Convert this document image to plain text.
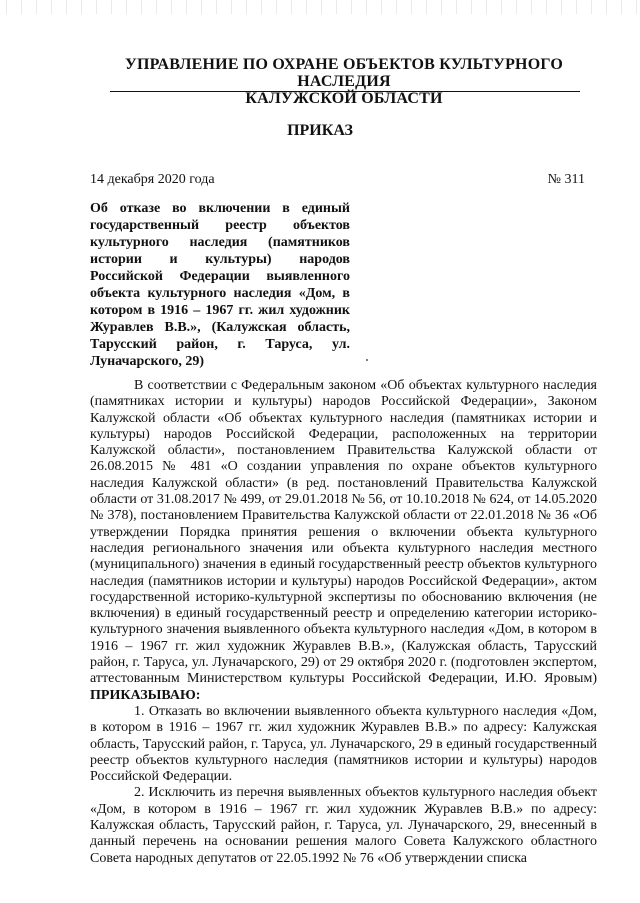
УПРАВЛЕНИЕ ПО ОХРАНЕ ОБЪЕКТОВ КУЛЬТУРНОГО НАСЛЕДИЯ
КАЛУЖСКОЙ ОБЛАСТИ
ПРИКАЗ
14 декабря 2020 года	№ 311
Об отказе во включении в единый государственный реестр объектов культурного наследия (памятников истории и культуры) народов Российской Федерации выявленного объекта культурного наследия «Дом, в котором в 1916 – 1967 гг. жил художник Журавлев В.В.», (Калужская область, Тарусский район, г. Таруса, ул. Луначарского, 29)

В соответствии с Федеральным законом «Об объектах культурного наследия (памятниках истории и культуры) народов Российской Федерации», Законом Калужской области «Об объектах культурного наследия (памятниках истории и культуры) народов Российской Федерации, расположенных на территории Калужской области», постановлением Правительства Калужской области от 26.08.2015 № 481 «О создании управления по охране объектов культурного наследия Калужской области» (в ред. постановлений Правительства Калужской области от 31.08.2017 № 499, от 29.01.2018 № 56, от 10.10.2018 № 624, от 14.05.2020 № 378), постановлением Правительства Калужской области от 22.01.2018 № 36 «Об утверждении Порядка принятия решения о включении объекта культурного наследия регионального значения или объекта культурного наследия местного (муниципального) значения в единый государственный реестр объектов культурного наследия (памятников истории и культуры) народов Российской Федерации», актом государственной историко-культурной экспертизы по обоснованию включения (не включения) в единый государственный реестр и определению категории историко-культурного значения выявленного объекта культурного наследия «Дом, в котором в 1916 – 1967 гг. жил художник Журавлев В.В.», (Калужская область, Тарусский район, г. Таруса, ул. Луначарского, 29) от 29 октября 2020 г. (подготовлен экспертом, аттестованным Министерством культуры Российской Федерации, И.Ю. Яровым) ПРИКАЗЫВАЮ:

1. Отказать во включении выявленного объекта культурного наследия «Дом, в котором в 1916 – 1967 гг. жил художник Журавлев В.В.» по адресу: Калужская область, Тарусский район, г. Таруса, ул. Луначарского, 29 в единый государственный реестр объектов культурного наследия (памятников истории и культуры) народов Российской Федерации.

2. Исключить из перечня выявленных объектов культурного наследия объект «Дом, в котором в 1916 – 1967 гг. жил художник Журавлев В.В.» по адресу: Калужская область, Тарусский район, г. Таруса, ул. Луначарского, 29, внесенный в данный перечень на основании решения малого Совета Калужского областного Совета народных депутатов от 22.05.1992 № 76 «Об утверждении списка
